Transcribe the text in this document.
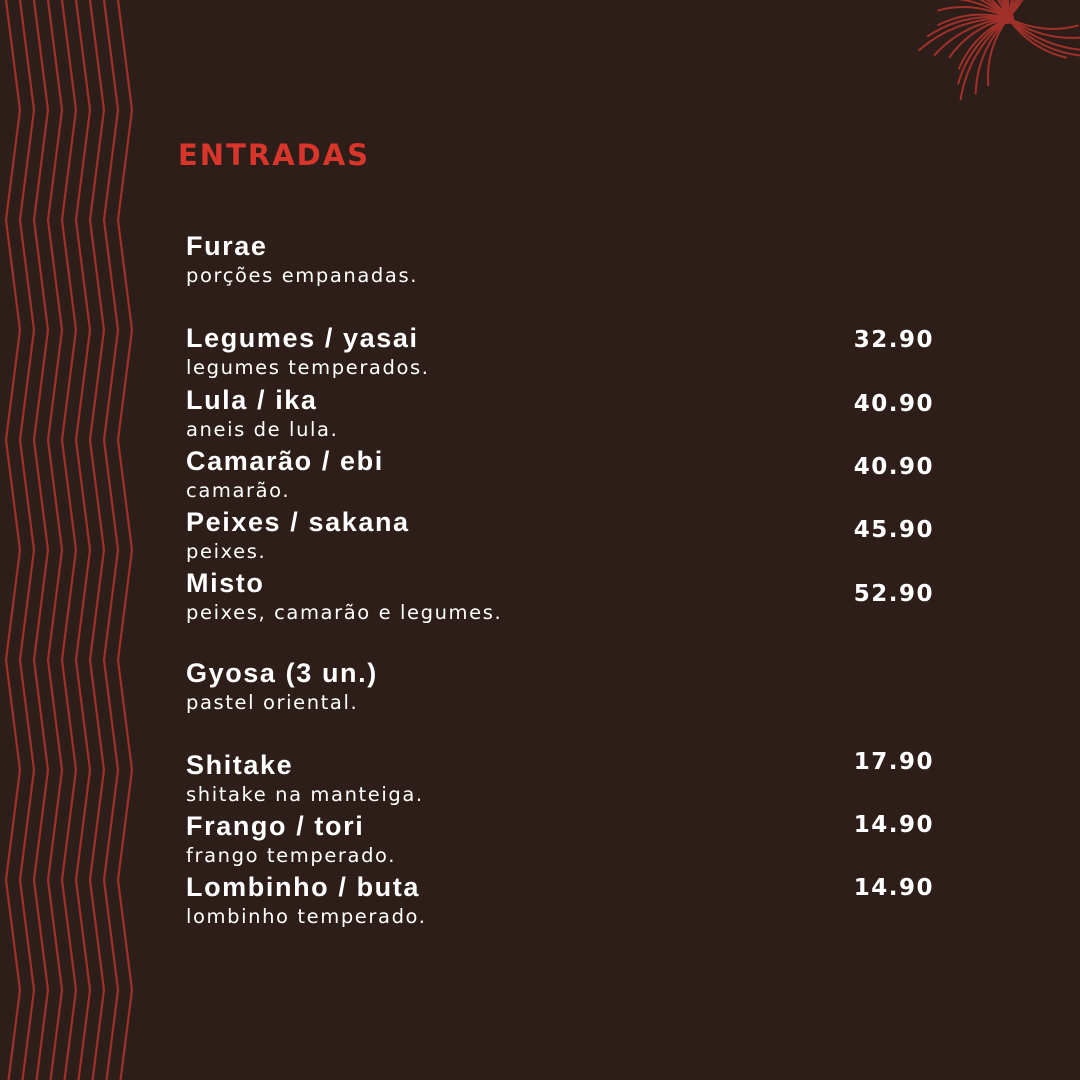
ENTRADAS
Furae
porções empanadas.
Legumes / yasai
legumes temperados.
32.90
Lula / ika
aneis de lula.
40.90
Camarão / ebi
camarão.
40.90
Peixes / sakana
peixes.
45.90
Misto
peixes, camarão e legumes.
52.90
Gyosa (3 un.)
pastel oriental.
Shitake
shitake na manteiga.
17.90
Frango / tori
frango temperado.
14.90
Lombinho / buta
lombinho temperado.
14.90
